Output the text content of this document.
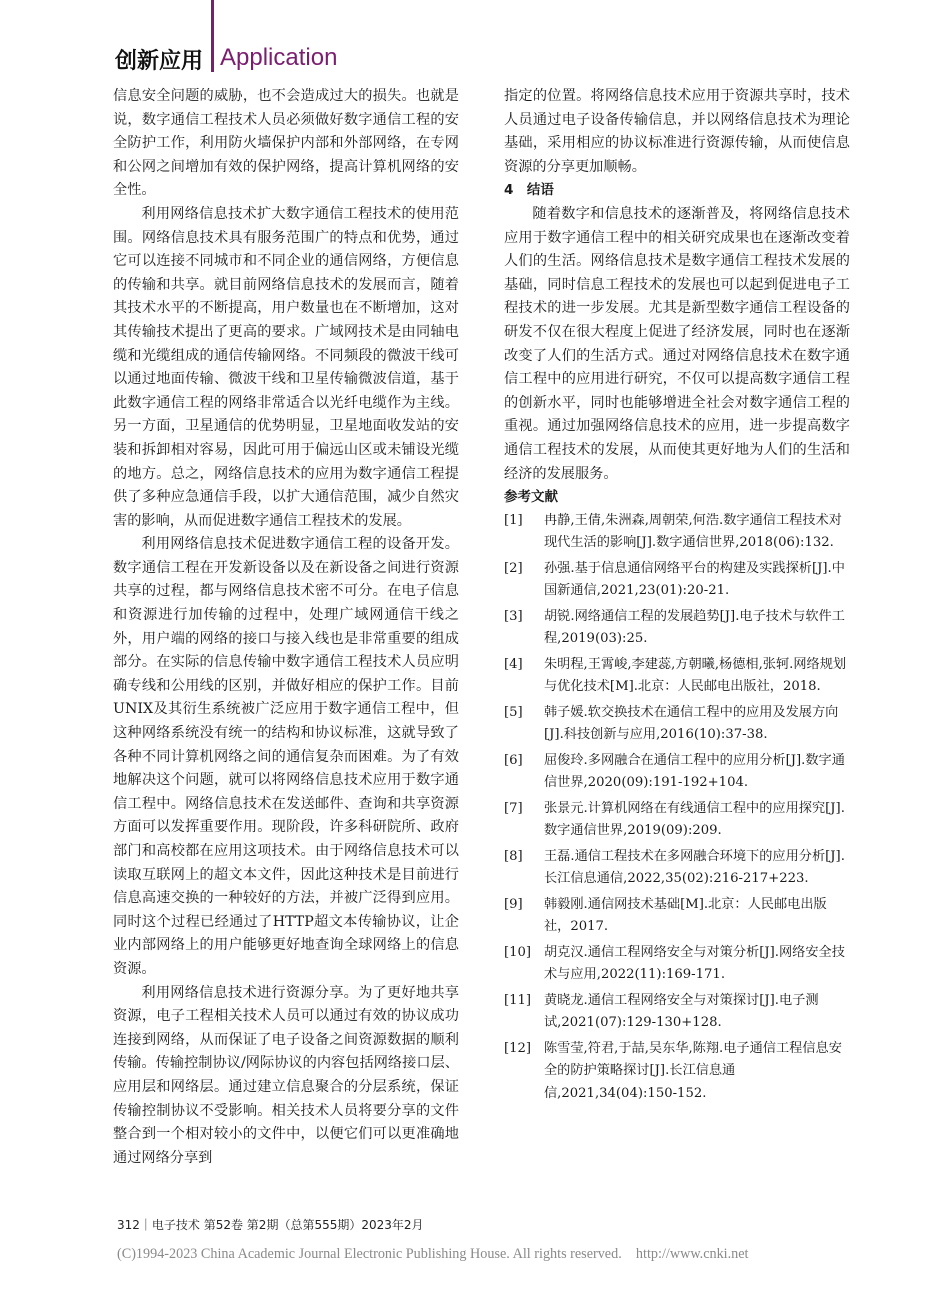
创新应用 Application

信息安全问题的威胁，也不会造成过大的损失。也就是说，数字通信工程技术人员必须做好数字通信工程的安全防护工作，利用防火墙保护内部和外部网络，在专网和公网之间增加有效的保护网络，提高计算机网络的安全性。

利用网络信息技术扩大数字通信工程技术的使用范围。网络信息技术具有服务范围广的特点和优势，通过它可以连接不同城市和不同企业的通信网络，方便信息的传输和共享。就目前网络信息技术的发展而言，随着其技术水平的不断提高，用户数量也在不断增加，这对其传输技术提出了更高的要求。广域网技术是由同轴电缆和光缆组成的通信传输网络。不同频段的微波干线可以通过地面传输、微波干线和卫星传输微波信道，基于此数字通信工程的网络非常适合以光纤电缆作为主线。另一方面，卫星通信的优势明显，卫星地面收发站的安装和拆卸相对容易，因此可用于偏远山区或未铺设光缆的地方。总之，网络信息技术的应用为数字通信工程提供了多种应急通信手段，以扩大通信范围，减少自然灾害的影响，从而促进数字通信工程技术的发展。

利用网络信息技术促进数字通信工程的设备开发。数字通信工程在开发新设备以及在新设备之间进行资源共享的过程，都与网络信息技术密不可分。在电子信息和资源进行加传输的过程中，处理广域网通信干线之外，用户端的网络的接口与接入线也是非常重要的组成部分。在实际的信息传输中数字通信工程技术人员应明确专线和公用线的区别，并做好相应的保护工作。目前UNIX及其衍生系统被广泛应用于数字通信工程中，但这种网络系统没有统一的结构和协议标准，这就导致了各种不同计算机网络之间的通信复杂而困难。为了有效地解决这个问题，就可以将网络信息技术应用于数字通信工程中。网络信息技术在发送邮件、查询和共享资源方面可以发挥重要作用。现阶段，许多科研院所、政府部门和高校都在应用这项技术。由于网络信息技术可以读取互联网上的超文本文件，因此这种技术是目前进行信息高速交换的一种较好的方法，并被广泛得到应用。同时这个过程已经通过了HTTP超文本传输协议，让企业内部网络上的用户能够更好地查询全球网络上的信息资源。

利用网络信息技术进行资源分享。为了更好地共享资源，电子工程相关技术人员可以通过有效的协议成功连接到网络，从而保证了电子设备之间资源数据的顺利传输。传输控制协议/网际协议的内容包括网络接口层、应用层和网络层。通过建立信息聚合的分层系统，保证传输控制协议不受影响。相关技术人员将要分享的文件整合到一个相对较小的文件中，以便它们可以更准确地通过网络分享到

指定的位置。将网络信息技术应用于资源共享时，技术人员通过电子设备传输信息，并以网络信息技术为理论基础，采用相应的协议标准进行资源传输，从而使信息资源的分享更加顺畅。

4　结语

随着数字和信息技术的逐渐普及，将网络信息技术应用于数字通信工程中的相关研究成果也在逐渐改变着人们的生活。网络信息技术是数字通信工程技术发展的基础，同时信息工程技术的发展也可以起到促进电子工程技术的进一步发展。尤其是新型数字通信工程设备的研发不仅在很大程度上促进了经济发展，同时也在逐渐改变了人们的生活方式。通过对网络信息技术在数字通信工程中的应用进行研究，不仅可以提高数字通信工程的创新水平，同时也能够增进全社会对数字通信工程的重视。通过加强网络信息技术的应用，进一步提高数字通信工程技术的发展，从而使其更好地为人们的生活和经济的发展服务。

参考文献
[1] 冉静,王倩,朱洲森,周朝荣,何浩.数字通信工程技术对现代生活的影响[J].数字通信世界,2018(06):132.
[2] 孙强.基于信息通信网络平台的构建及实践探析[J].中国新通信,2021,23(01):20-21.
[3] 胡锐.网络通信工程的发展趋势[J].电子技术与软件工程,2019(03):25.
[4] 朱明程,王霄峻,李建蕊,方朝曦,杨德相,张轲.网络规划与优化技术[M].北京：人民邮电出版社，2018.
[5] 韩子媛.软交换技术在通信工程中的应用及发展方向[J].科技创新与应用,2016(10):37-38.
[6] 屈俊玲.多网融合在通信工程中的应用分析[J].数字通信世界,2020(09):191-192+104.
[7] 张景元.计算机网络在有线通信工程中的应用探究[J].数字通信世界,2019(09):209.
[8] 王磊.通信工程技术在多网融合环境下的应用分析[J].长江信息通信,2022,35(02):216-217+223.
[9] 韩毅刚.通信网技术基础[M].北京：人民邮电出版社，2017.
[10] 胡克汉.通信工程网络安全与对策分析[J].网络安全技术与应用,2022(11):169-171.
[11] 黄晓龙.通信工程网络安全与对策探讨[J].电子测试,2021(07):129-130+128.
[12] 陈雪莹,符君,于喆,吴东华,陈翔.电子通信工程信息安全的防护策略探讨[J].长江信息通信,2021,34(04):150-152.
312｜电子技术 第52卷 第2期（总第555期）2023年2月
(C)1994-2023 China Academic Journal Electronic Publishing House. All rights reserved.　http://www.cnki.net
